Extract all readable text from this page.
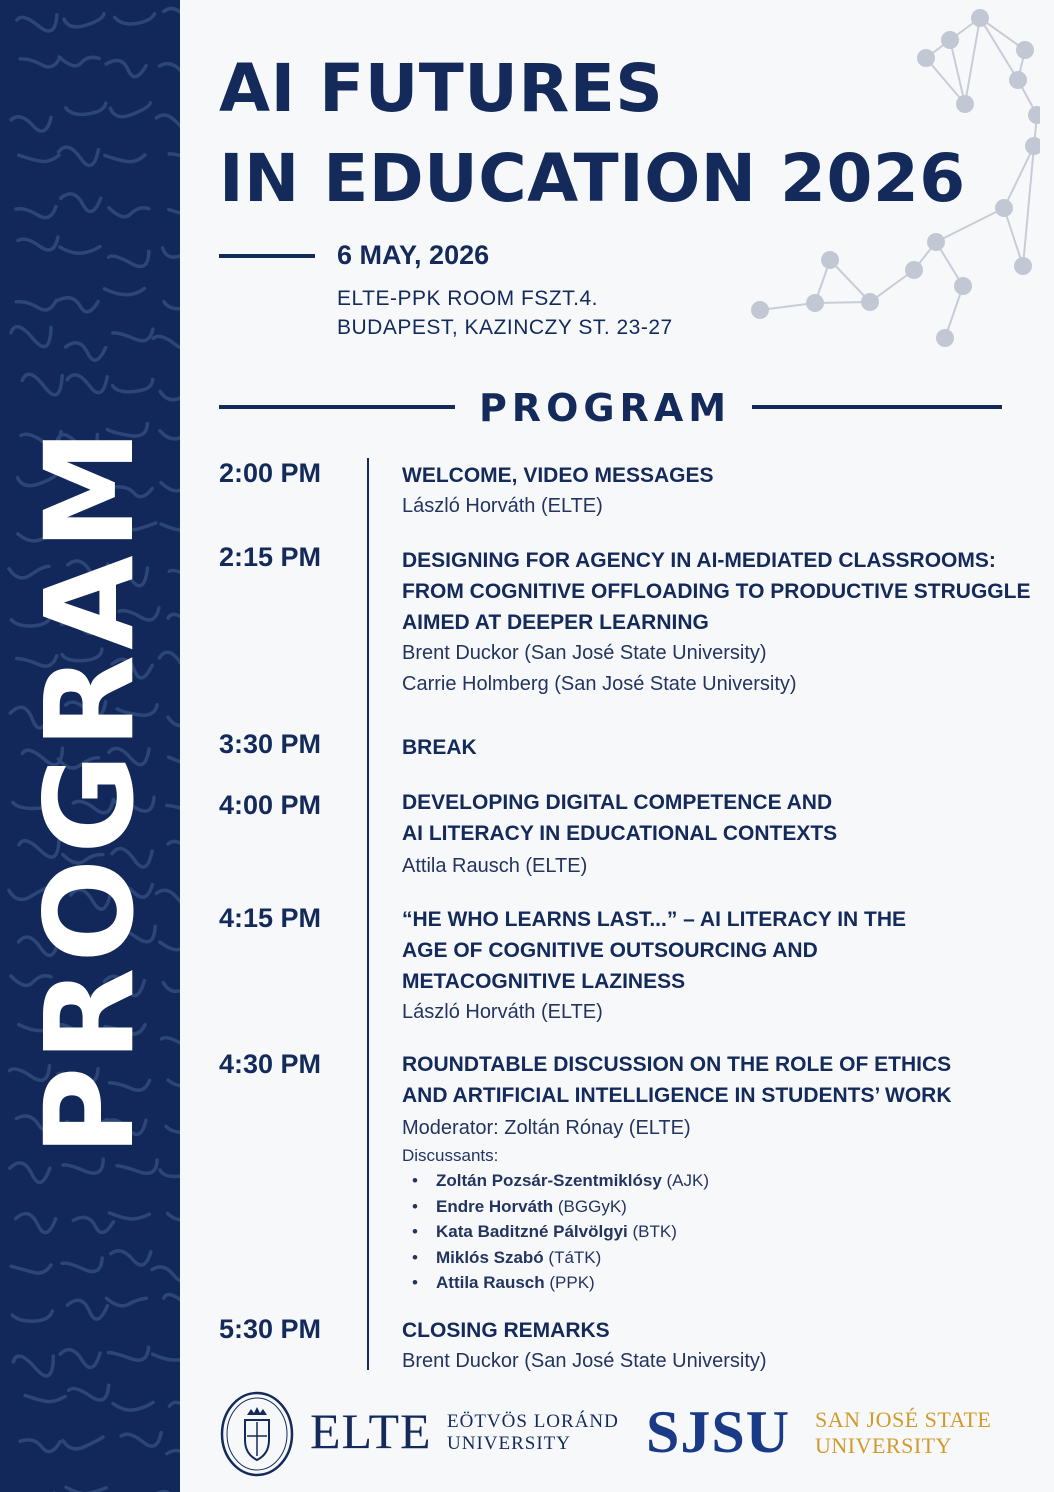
PROGRAM
AI FUTURES
IN EDUCATION 2026
6 MAY, 2026
ELTE-PPK ROOM FSZT.4.
BUDAPEST, KAZINCZY ST. 23-27
PROGRAM
2:00 PM	WELCOME, VIDEO MESSAGES
László Horváth (ELTE)
2:15 PM	DESIGNING FOR AGENCY IN AI-MEDIATED CLASSROOMS:
FROM COGNITIVE OFFLOADING TO PRODUCTIVE STRUGGLE
AIMED AT DEEPER LEARNING
Brent Duckor (San José State University)
Carrie Holmberg (San José State University)
3:30 PM	BREAK
4:00 PM	DEVELOPING DIGITAL COMPETENCE AND
AI LITERACY IN EDUCATIONAL CONTEXTS
Attila Rausch (ELTE)
4:15 PM	“HE WHO LEARNS LAST...” – AI LITERACY IN THE
AGE OF COGNITIVE OUTSOURCING AND
METACOGNITIVE LAZINESS
László Horváth (ELTE)
4:30 PM	ROUNDTABLE DISCUSSION ON THE ROLE OF ETHICS
AND ARTIFICIAL INTELLIGENCE IN STUDENTS’ WORK
Moderator: Zoltán Rónay (ELTE)
Discussants:
• Zoltán Pozsár-Szentmiklósy (AJK)
• Endre Horváth (BGGyK)
• Kata Baditzné Pálvölgyi (BTK)
• Miklós Szabó (TáTK)
• Attila Rausch (PPK)
5:30 PM	CLOSING REMARKS
Brent Duckor (San José State University)
ELTE EÖTVÖS LORÁND
UNIVERSITY	SJSU SAN JOSÉ STATE
UNIVERSITY
